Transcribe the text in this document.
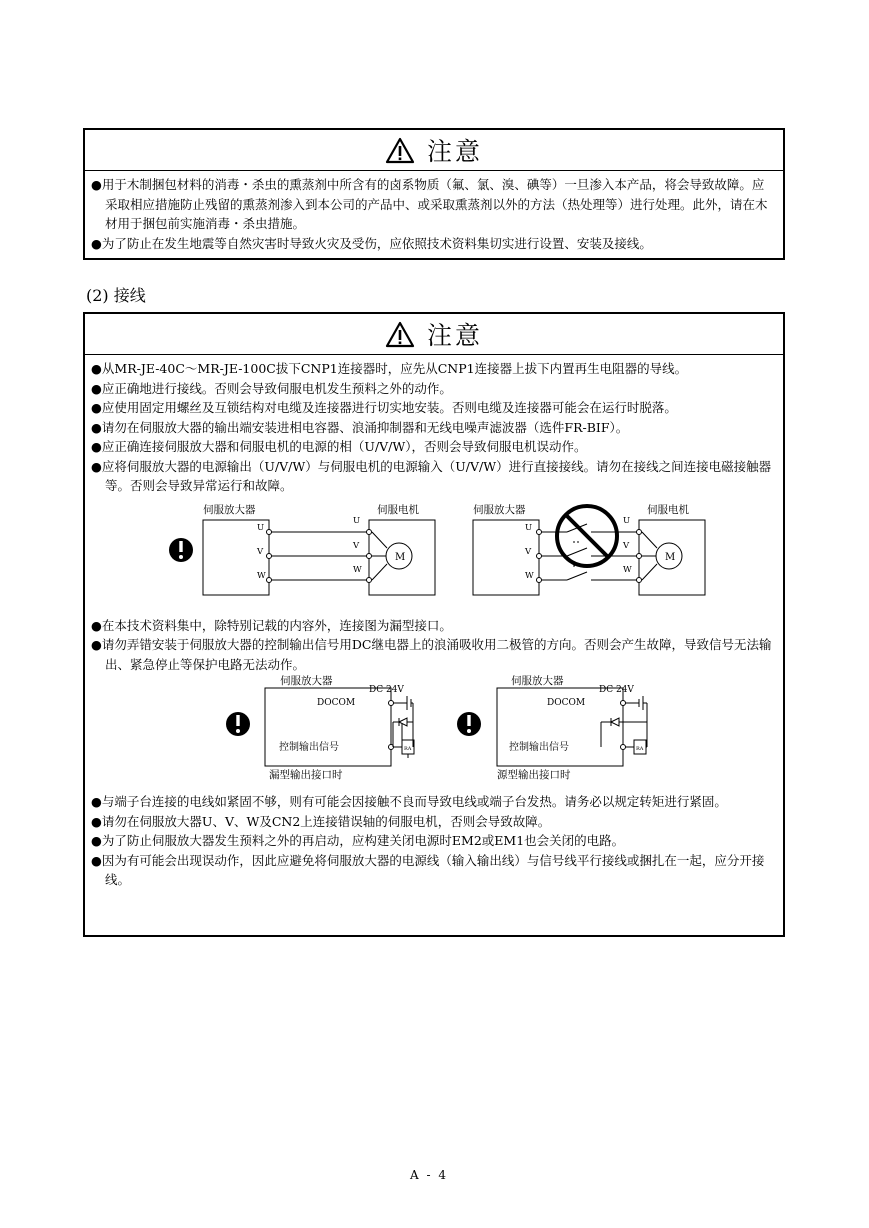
注意
●用于木制捆包材料的消毒・杀虫的熏蒸剂中所含有的卤系物质（氟、氯、溴、碘等）一旦渗入本产品，将会导致故障。应采取相应措施防止残留的熏蒸剂渗入到本公司的产品中、或采取熏蒸剂以外的方法（热处理等）进行处理。此外，请在木材用于捆包前实施消毒・杀虫措施。
●为了防止在发生地震等自然灾害时导致火灾及受伤，应依照技术资料集切实进行设置、安装及接线。
(2) 接线
注意
●从MR-JE-40C～MR-JE-100C拔下CNP1连接器时，应先从CNP1连接器上拔下内置再生电阻器的导线。
●应正确地进行接线。否则会导致伺服电机发生预料之外的动作。
●应使用固定用螺丝及互锁结构对电缆及连接器进行切实地安装。否则电缆及连接器可能会在运行时脱落。
●请勿在伺服放大器的输出端安装进相电容器、浪涌抑制器和无线电噪声滤波器（选件FR-BIF）。
●应正确连接伺服放大器和伺服电机的电源的相（U/V/W），否则会导致伺服电机误动作。
●应将伺服放大器的电源输出（U/V/W）与伺服电机的电源输入（U/V/W）进行直接接线。请勿在接线之间连接电磁接触器等。否则会导致异常运行和故障。
伺服放大器	伺服电机
U
V
W
U
V
W
M
伺服放大器	伺服电机
U
V
W
U
V
W
M
●在本技术资料集中，除特别记载的内容外，连接图为漏型接口。
●请勿弄错安装于伺服放大器的控制输出信号用DC继电器上的浪涌吸收用二极管的方向。否则会产生故障，导致信号无法输出、紧急停止等保护电路无法动作。
伺服放大器
DOCOM
控制输出信号
DC 24V
RA
漏型输出接口时
伺服放大器
DOCOM
控制输出信号
DC 24V
RA
源型输出接口时
●与端子台连接的电线如紧固不够，则有可能会因接触不良而导致电线或端子台发热。请务必以规定转矩进行紧固。
●请勿在伺服放大器U、V、W及CN2上连接错误轴的伺服电机，否则会导致故障。
●为了防止伺服放大器发生预料之外的再启动，应构建关闭电源时EM2或EM1也会关闭的电路。
●因为有可能会出现误动作，因此应避免将伺服放大器的电源线（输入输出线）与信号线平行接线或捆扎在一起，应分开接线。
A - 4
